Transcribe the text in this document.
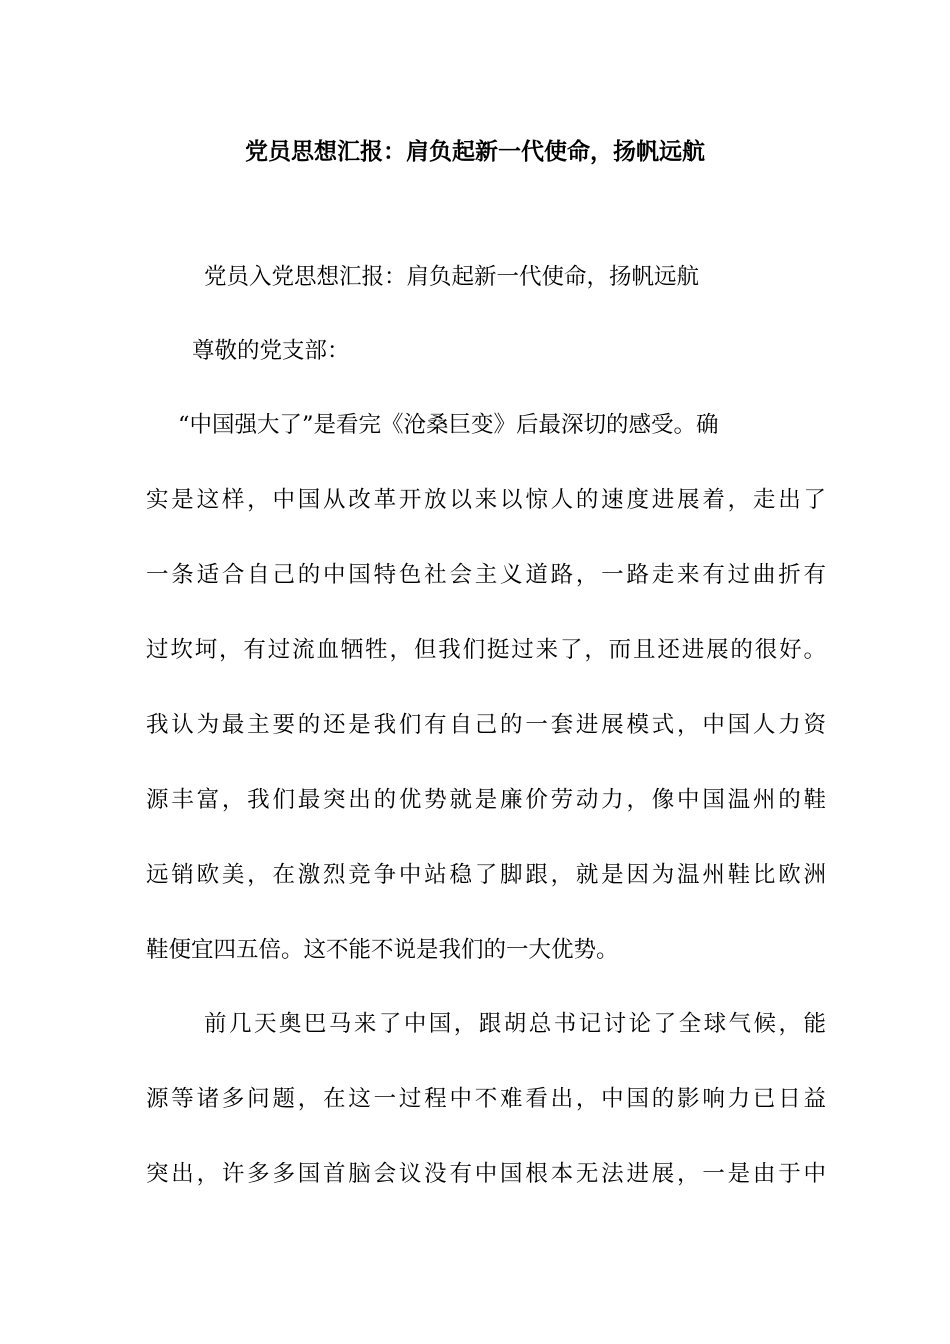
党员思想汇报：肩负起新一代使命，扬帆远航
党员入党思想汇报：肩负起新一代使命，扬帆远航
尊敬的党支部：
“中国强大了”是看完《沧桑巨变》后最深切的感受。确
实是这样，中国从改革开放以来以惊人的速度进展着，走出了
一条适合自己的中国特色社会主义道路，一路走来有过曲折有
过坎坷，有过流血牺牲，但我们挺过来了，而且还进展的很好。
我认为最主要的还是我们有自己的一套进展模式，中国人力资
源丰富，我们最突出的优势就是廉价劳动力，像中国温州的鞋
远销欧美，在激烈竞争中站稳了脚跟，就是因为温州鞋比欧洲
鞋便宜四五倍。这不能不说是我们的一大优势。
前几天奥巴马来了中国，跟胡总书记讨论了全球气候，能
源等诸多问题，在这一过程中不难看出，中国的影响力已日益
突出，许多多国首脑会议没有中国根本无法进展，一是由于中
